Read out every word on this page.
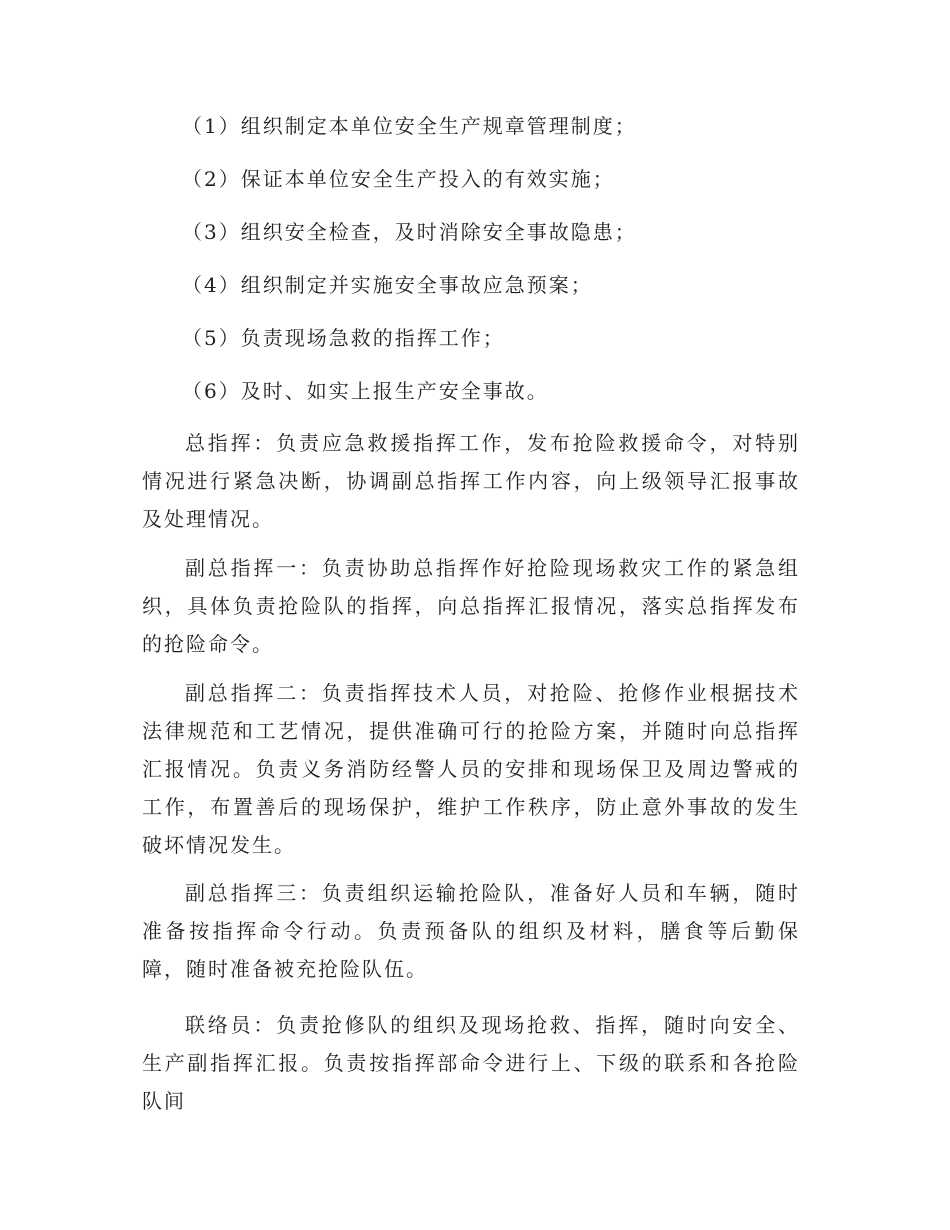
（1）组织制定本单位安全生产规章管理制度；
（2）保证本单位安全生产投入的有效实施；
（3）组织安全检查，及时消除安全事故隐患；
（4）组织制定并实施安全事故应急预案；
（5）负责现场急救的指挥工作；
（6）及时、如实上报生产安全事故。
总指挥：负责应急救援指挥工作，发布抢险救援命令，对特别情况进行紧急决断，协调副总指挥工作内容，向上级领导汇报事故及处理情况。
副总指挥一：负责协助总指挥作好抢险现场救灾工作的紧急组织，具体负责抢险队的指挥，向总指挥汇报情况，落实总指挥发布的抢险命令。
副总指挥二：负责指挥技术人员，对抢险、抢修作业根据技术法律规范和工艺情况，提供准确可行的抢险方案，并随时向总指挥汇报情况。负责义务消防经警人员的安排和现场保卫及周边警戒的工作，布置善后的现场保护，维护工作秩序，防止意外事故的发生破坏情况发生。
副总指挥三：负责组织运输抢险队，准备好人员和车辆，随时准备按指挥命令行动。负责预备队的组织及材料，膳食等后勤保障，随时准备被充抢险队伍。
联络员：负责抢修队的组织及现场抢救、指挥，随时向安全、生产副指挥汇报。负责按指挥部命令进行上、下级的联系和各抢险队间
